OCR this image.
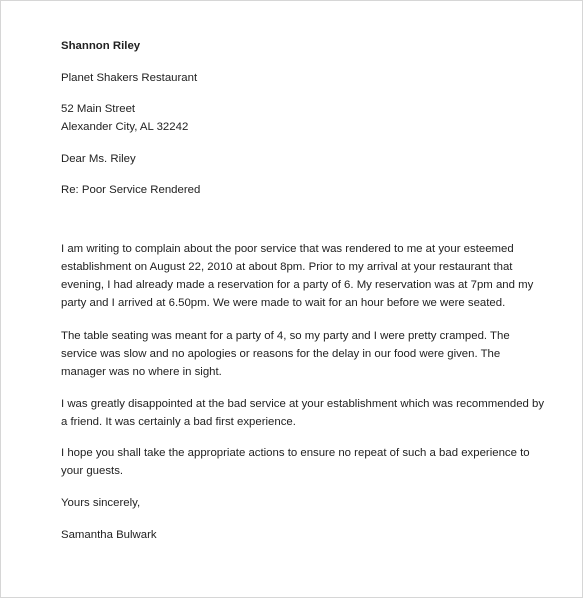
Shannon Riley
Planet Shakers Restaurant
52 Main Street
Alexander City, AL 32242
Dear Ms. Riley
Re: Poor Service Rendered
I am writing to complain about the poor service that was rendered to me at your esteemed
establishment on August 22, 2010 at about 8pm. Prior to my arrival at your restaurant that
evening, I had already made a reservation for a party of 6. My reservation was at 7pm and my
party and I arrived at 6.50pm. We were made to wait for an hour before we were seated.
The table seating was meant for a party of 4, so my party and I were pretty cramped. The
service was slow and no apologies or reasons for the delay in our food were given. The
manager was no where in sight.
I was greatly disappointed at the bad service at your establishment which was recommended by
a friend. It was certainly a bad first experience.
I hope you shall take the appropriate actions to ensure no repeat of such a bad experience to
your guests.
Yours sincerely,
Samantha Bulwark
